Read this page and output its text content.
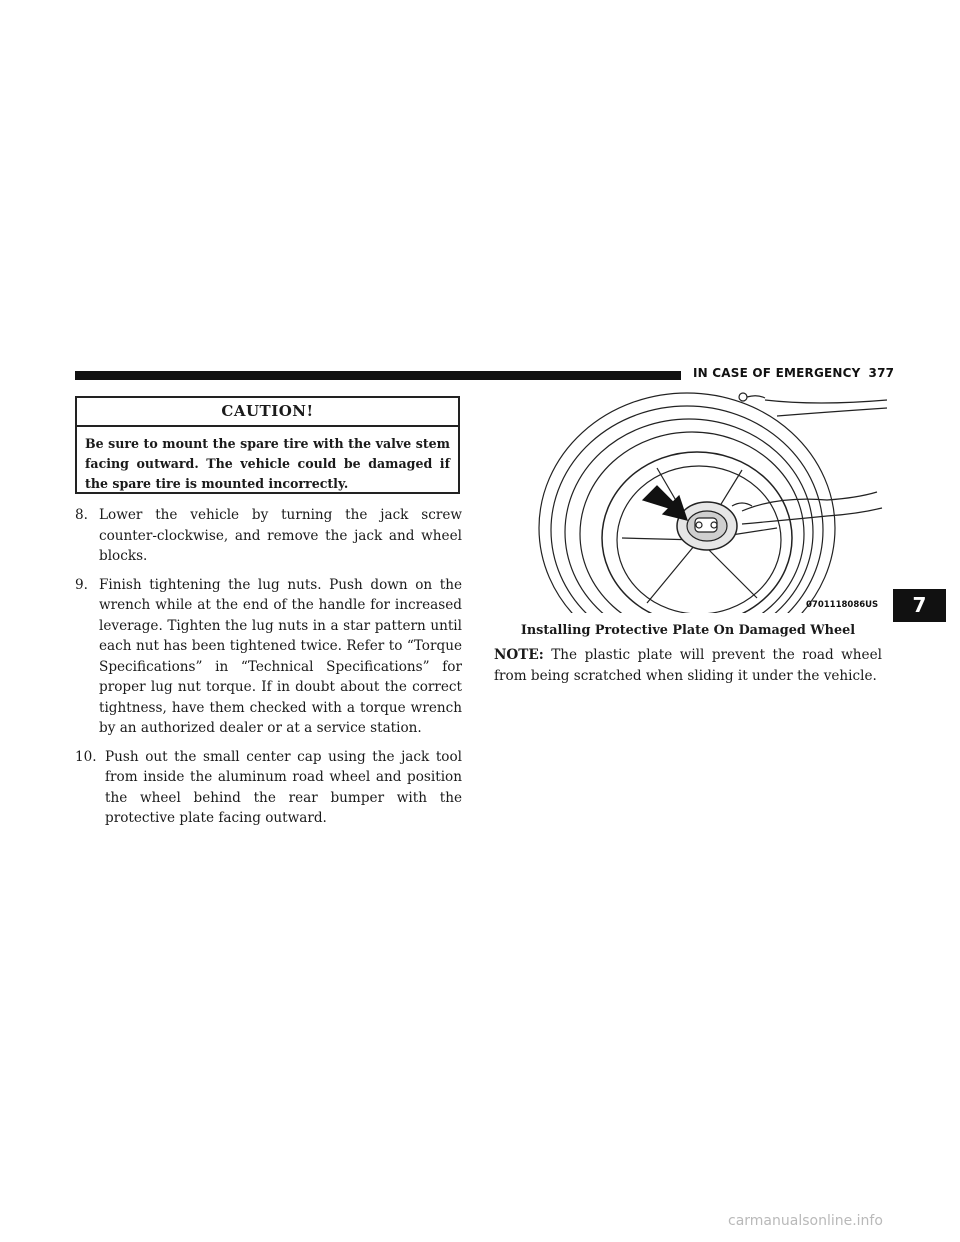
IN CASE OF EMERGENCY 377
7
CAUTION!
Be sure to mount the spare tire with the valve stem facing outward. The vehicle could be damaged if the spare tire is mounted incorrectly.
8. Lower the vehicle by turning the jack screw counter-clockwise, and remove the jack and wheel blocks.
9. Finish tightening the lug nuts. Push down on the wrench while at the end of the handle for increased leverage. Tighten the lug nuts in a star pattern until each nut has been tightened twice. Refer to “Torque Specifications” in “Technical Specifications” for proper lug nut torque. If in doubt about the correct tightness, have them checked with a torque wrench by an authorized dealer or at a service station.
10. Push out the small center cap using the jack tool from inside the aluminum road wheel and position the wheel behind the rear bumper with the protective plate facing outward.
0701118086US
Installing Protective Plate On Damaged Wheel
NOTE: The plastic plate will prevent the road wheel from being scratched when sliding it under the vehicle.
carmanualsonline.info
